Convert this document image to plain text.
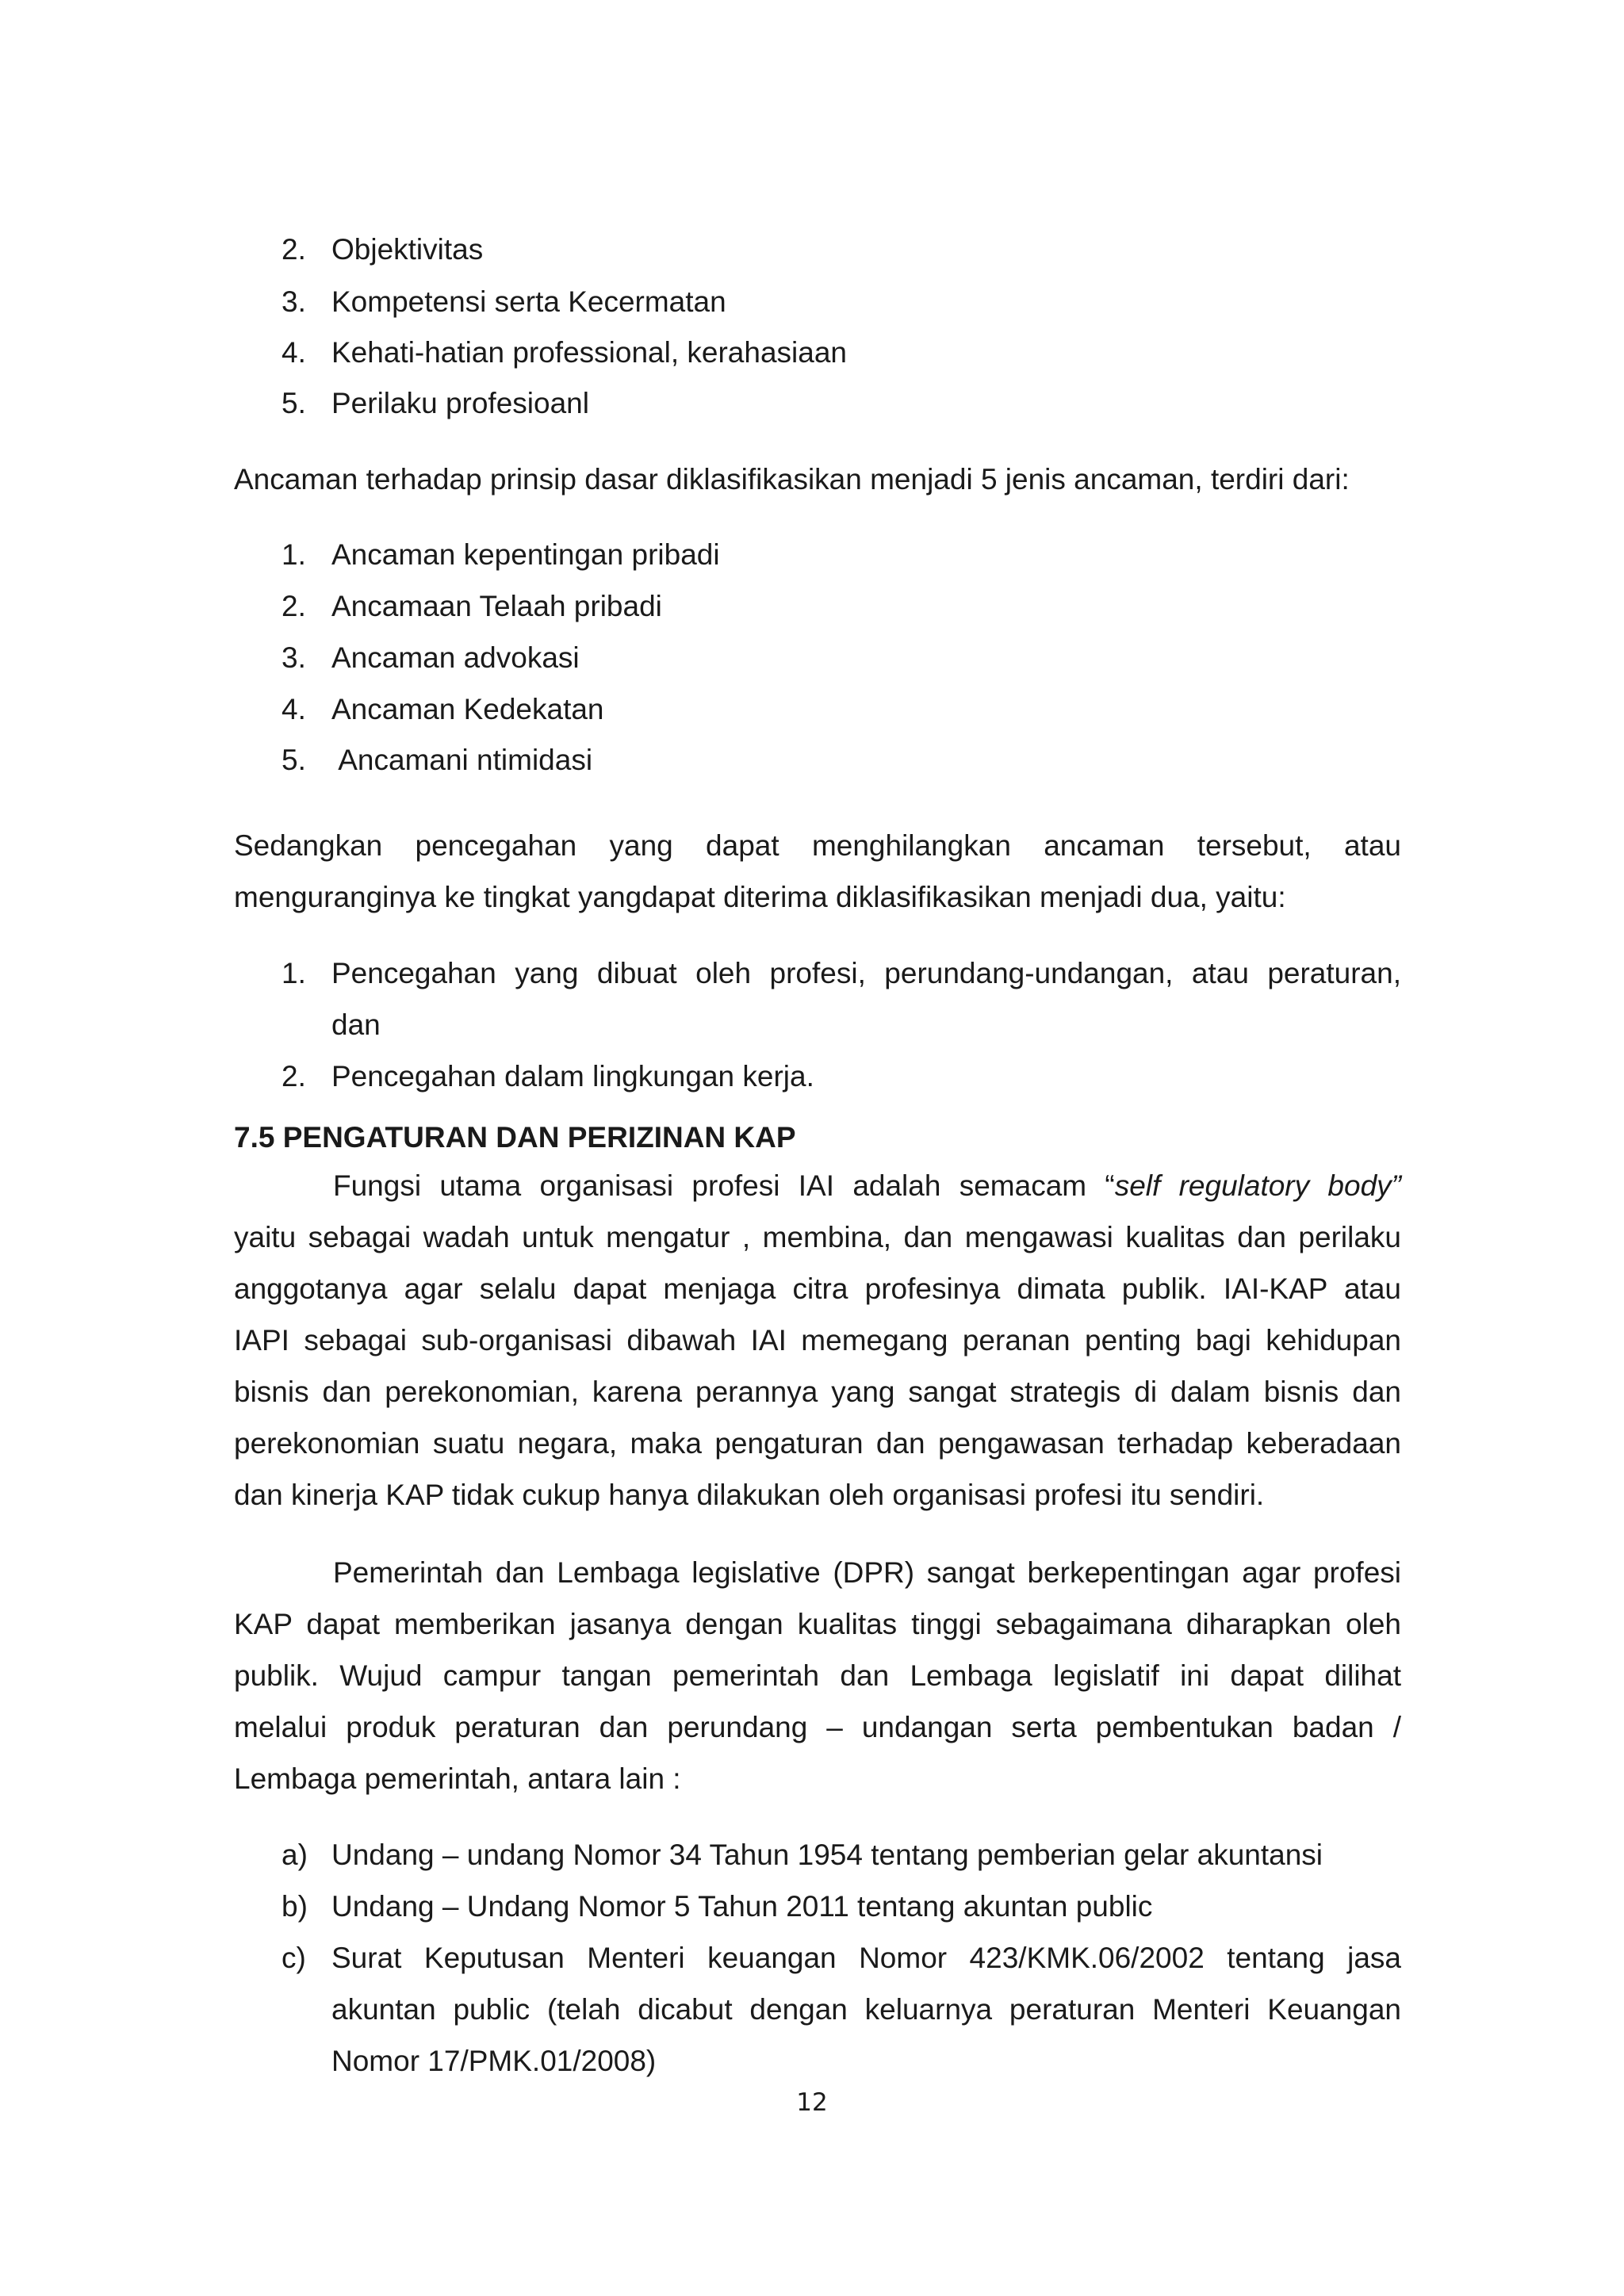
2. Objektivitas
3. Kompetensi serta Kecermatan
4. Kehati-hatian professional, kerahasiaan
5. Perilaku profesioanl
Ancaman terhadap prinsip dasar diklasifikasikan menjadi 5 jenis ancaman, terdiri dari:
1. Ancaman kepentingan pribadi
2. Ancamaan Telaah pribadi
3. Ancaman advokasi
4. Ancaman Kedekatan
5. Ancamani ntimidasi
Sedangkan pencegahan yang dapat menghilangkan ancaman tersebut, atau
menguranginya ke tingkat yangdapat diterima diklasifikasikan menjadi dua, yaitu:
1. Pencegahan yang dibuat oleh profesi, perundang-undangan, atau peraturan,
dan
2. Pencegahan dalam lingkungan kerja.
7.5 PENGATURAN DAN PERIZINAN KAP
Fungsi utama organisasi profesi IAI adalah semacam “self regulatory body”
yaitu sebagai wadah untuk mengatur , membina, dan mengawasi kualitas dan perilaku
anggotanya agar selalu dapat menjaga citra profesinya dimata publik. IAI-KAP atau
IAPI sebagai sub-organisasi dibawah IAI memegang peranan penting bagi kehidupan
bisnis dan perekonomian, karena perannya yang sangat strategis di dalam bisnis dan
perekonomian suatu negara, maka pengaturan dan pengawasan terhadap keberadaan
dan kinerja KAP tidak cukup hanya dilakukan oleh organisasi profesi itu sendiri.
Pemerintah dan Lembaga legislative (DPR) sangat berkepentingan agar profesi
KAP dapat memberikan jasanya dengan kualitas tinggi sebagaimana diharapkan oleh
publik. Wujud campur tangan pemerintah dan Lembaga legislatif ini dapat dilihat
melalui produk peraturan dan perundang – undangan serta pembentukan badan /
Lembaga pemerintah, antara lain :
a) Undang – undang Nomor 34 Tahun 1954 tentang pemberian gelar akuntansi
b) Undang – Undang Nomor 5 Tahun 2011 tentang akuntan public
c) Surat Keputusan Menteri keuangan Nomor 423/KMK.06/2002 tentang jasa
akuntan public (telah dicabut dengan keluarnya peraturan Menteri Keuangan
Nomor 17/PMK.01/2008)
12
